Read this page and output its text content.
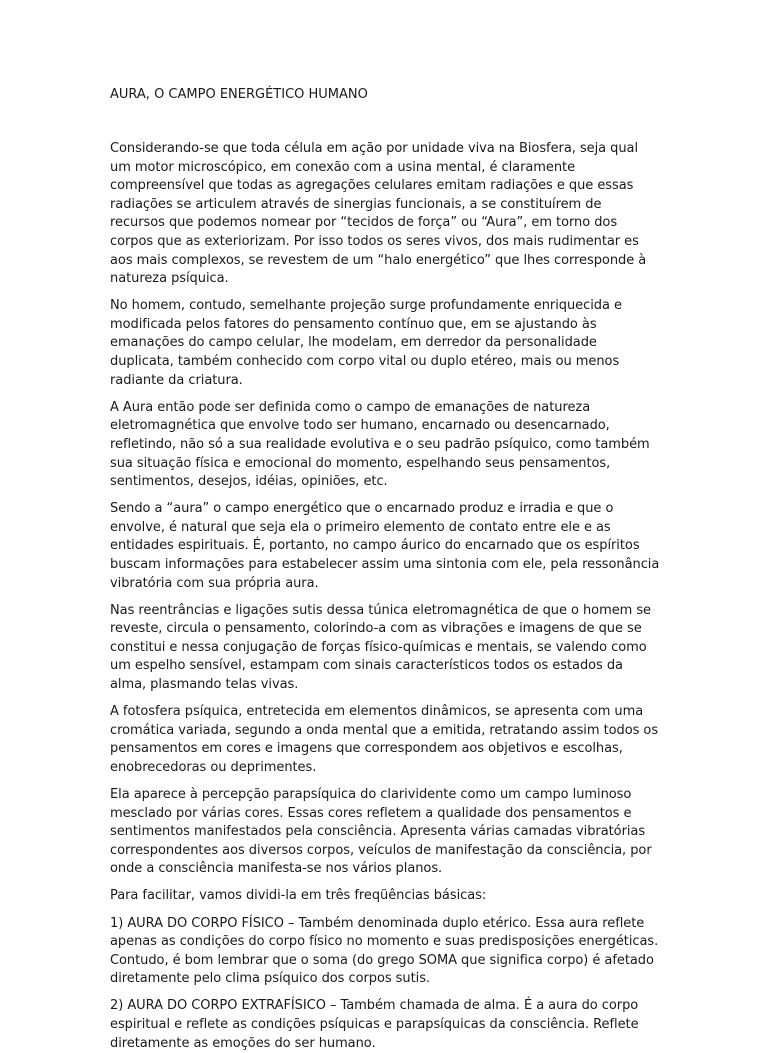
AURA, O CAMPO ENERGÉTICO HUMANO

Considerando-se que toda célula em ação por unidade viva na Biosfera, seja qual um motor microscópico, em conexão com a usina mental, é claramente compreensível que todas as agregações celulares emitam radiações e que essas radiações se articulem através de sinergias funcionais, a se constituírem de recursos que podemos nomear por “tecidos de força” ou “Aura”, em torno dos corpos que as exteriorizam. Por isso todos os seres vivos, dos mais rudimentar es aos mais complexos, se revestem de um “halo energético” que lhes corresponde à natureza psíquica.

No homem, contudo, semelhante projeção surge profundamente enriquecida e modificada pelos fatores do pensamento contínuo que, em se ajustando às emanações do campo celular, lhe modelam, em derredor da personalidade duplicata, também conhecido com corpo vital ou duplo etéreo, mais ou menos radiante da criatura.

A Aura então pode ser definida como o campo de emanações de natureza eletromagnética que envolve todo ser humano, encarnado ou desencarnado, refletindo, não só a sua realidade evolutiva e o seu padrão psíquico, como também sua situação física e emocional do momento, espelhando seus pensamentos, sentimentos, desejos, idéias, opiniões, etc.

Sendo a “aura” o campo energético que o encarnado produz e irradia e que o envolve, é natural que seja ela o primeiro elemento de contato entre ele e as entidades espirituais. É, portanto, no campo áurico do encarnado que os espíritos buscam informações para estabelecer assim uma sintonia com ele, pela ressonância vibratória com sua própria aura.

Nas reentrâncias e ligações sutis dessa túnica eletromagnética de que o homem se reveste, circula o pensamento, colorindo-a com as vibrações e imagens de que se constitui e nessa conjugação de forças físico-químicas e mentais, se valendo como um espelho sensível, estampam com sinais característicos todos os estados da alma, plasmando telas vivas.

A fotosfera psíquica, entretecida em elementos dinâmicos, se apresenta com uma cromática variada, segundo a onda mental que a emitida, retratando assim todos os pensamentos em cores e imagens que correspondem aos objetivos e escolhas, enobrecedoras ou deprimentes.

Ela aparece à percepção parapsíquica do clarividente como um campo luminoso mesclado por várias cores. Essas cores refletem a qualidade dos pensamentos e sentimentos manifestados pela consciência. Apresenta várias camadas vibratórias correspondentes aos diversos corpos, veículos de manifestação da consciência, por onde a consciência manifesta-se nos vários planos.

Para facilitar, vamos dividi-la em três freqüências básicas:

1) AURA DO CORPO FÍSICO – Também denominada duplo etérico. Essa aura reflete apenas as condições do corpo físico no momento e suas predisposições energéticas. Contudo, é bom lembrar que o soma (do grego SOMA que significa corpo) é afetado diretamente pelo clima psíquico dos corpos sutis.

2) AURA DO CORPO EXTRAFÍSICO – Também chamada de alma. É a aura do corpo espiritual e reflete as condições psíquicas e parapsíquicas da consciência. Reflete diretamente as emoções do ser humano.
